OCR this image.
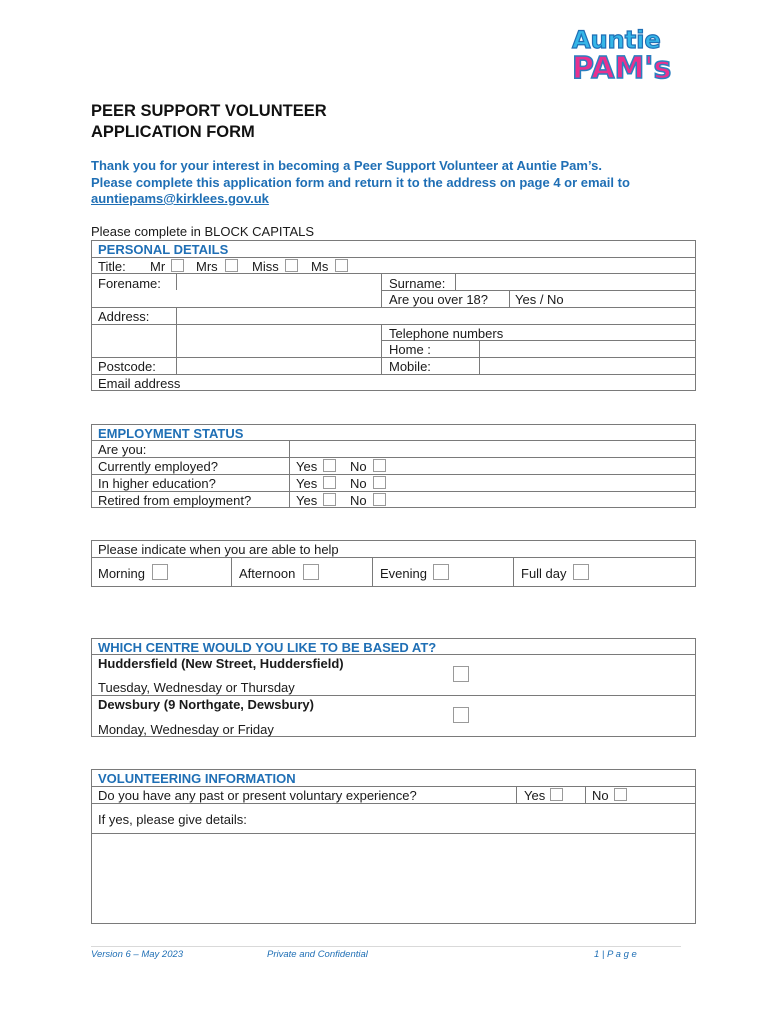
Auntie
PAM's
PEER SUPPORT VOLUNTEER
APPLICATION FORM
Thank you for your interest in becoming a Peer Support Volunteer at Auntie Pam’s.
Please complete this application form and return it to the address on page 4 or email to
auntiepams@kirklees.gov.uk
Please complete in BLOCK CAPITALS
PERSONAL DETAILS
Title: Mr Mrs	Miss Ms
Forename:	Surname:
Are you over 18? Yes / No
Address:
Telephone numbers
Home :
Postcode:	Mobile:
Email address
EMPLOYMENT STATUS
Are you:
Currently employed?	Yes	No
In higher education?	Yes	No
Retired from employment?	Yes	No
Please indicate when you are able to help
Morning	Afternoon	Evening	Full day
WHICH CENTRE WOULD YOU LIKE TO BE BASED AT?
Huddersfield (New Street, Huddersfield)
Tuesday, Wednesday or Thursday
Dewsbury (9 Northgate, Dewsbury)
Monday, Wednesday or Friday
VOLUNTEERING INFORMATION
Do you have any past or present voluntary experience?	Yes	No
If yes, please give details:
Version 6 – May 2023	Private and Confidential	1 | P a g e
